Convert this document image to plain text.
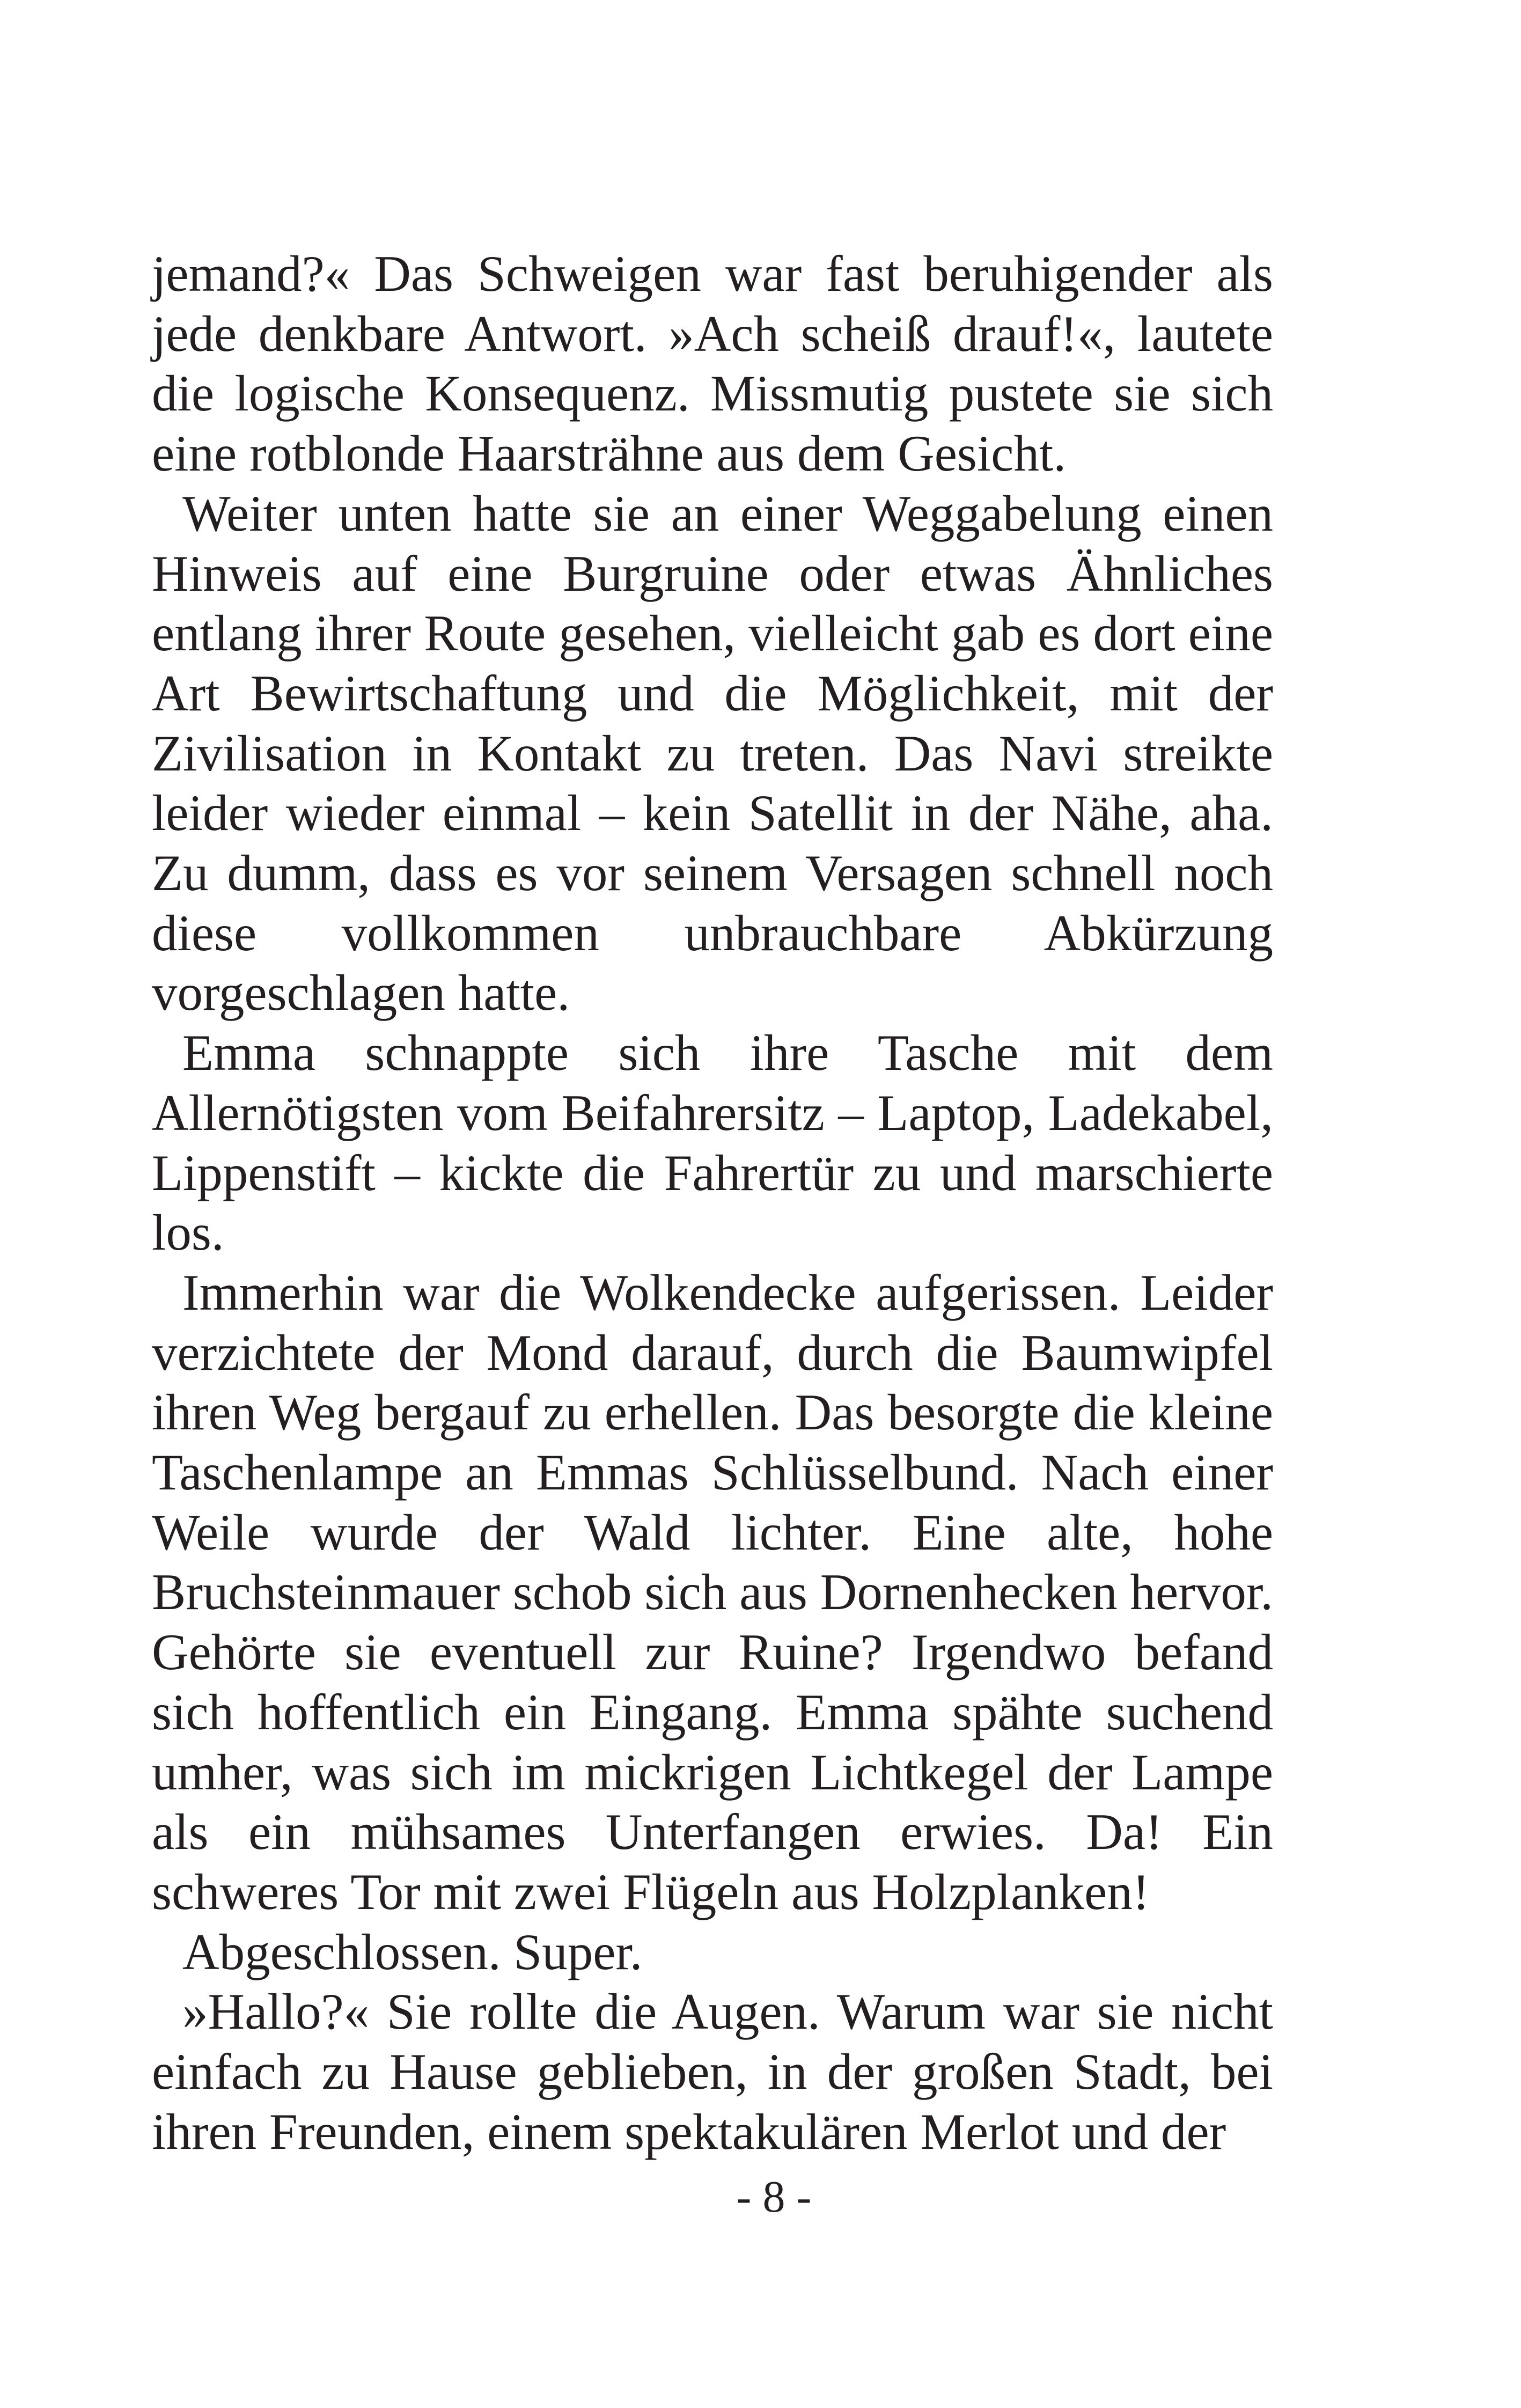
jemand?« Das Schweigen war fast beruhigender als jede denkbare Antwort. »Ach scheiß drauf!«, lautete die logische Konsequenz. Missmutig pustete sie sich eine rotblonde Haarsträhne aus dem Gesicht.

Weiter unten hatte sie an einer Weggabelung einen Hinweis auf eine Burgruine oder etwas Ähnliches entlang ihrer Route gesehen, vielleicht gab es dort eine Art Bewirtschaftung und die Möglichkeit, mit der Zivilisation in Kontakt zu treten. Das Navi streikte leider wieder einmal – kein Satellit in der Nähe, aha. Zu dumm, dass es vor seinem Versagen schnell noch diese vollkommen unbrauchbare Abkürzung vorgeschlagen hatte.

Emma schnappte sich ihre Tasche mit dem Allernötigsten vom Beifahrersitz – Laptop, Ladekabel, Lippenstift – kickte die Fahrertür zu und marschierte los.

Immerhin war die Wolkendecke aufgerissen. Leider verzichtete der Mond darauf, durch die Baumwipfel ihren Weg bergauf zu erhellen. Das besorgte die kleine Taschenlampe an Emmas Schlüsselbund. Nach einer Weile wurde der Wald lichter. Eine alte, hohe Bruchsteinmauer schob sich aus Dornenhecken hervor. Gehörte sie eventuell zur Ruine? Irgendwo befand sich hoffentlich ein Eingang. Emma spähte suchend umher, was sich im mickrigen Lichtkegel der Lampe als ein mühsames Unterfangen erwies. Da! Ein schweres Tor mit zwei Flügeln aus Holzplanken!

Abgeschlossen. Super.

»Hallo?« Sie rollte die Augen. Warum war sie nicht einfach zu Hause geblieben, in der großen Stadt, bei ihren Freunden, einem spektakulären Merlot und der

- 8 -
